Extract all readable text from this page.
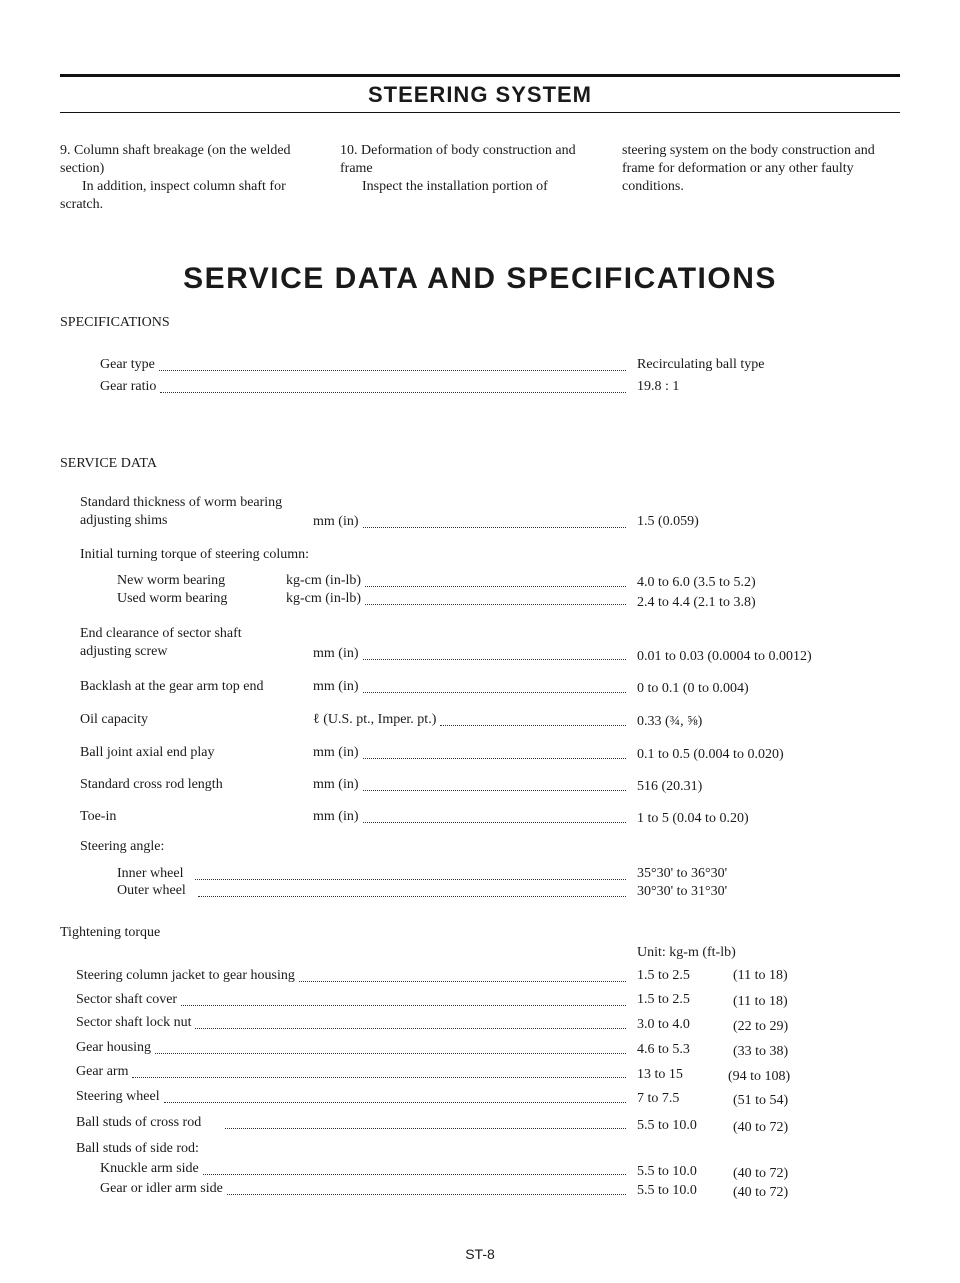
STEERING SYSTEM

9. Column shaft breakage (on the welded section)

In addition, inspect column shaft for scratch.

10. Deformation of body construction and frame

Inspect the installation portion of

steering system on the body construction and frame for deformation or any other faulty conditions.

SERVICE DATA AND SPECIFICATIONS
SPECIFICATIONS
Gear type	Recirculating ball type
Gear ratio	19.8 : 1
SERVICE DATA
Standard thickness of worm bearing
adjusting shims	mm (in)	1.5 (0.059)
Initial turning torque of steering column:
New worm bearing	kg-cm (in-lb)	4.0 to 6.0 (3.5 to 5.2)
Used worm bearing	kg-cm (in-lb)	2.4 to 4.4 (2.1 to 3.8)
End clearance of sector shaft
adjusting screw	mm (in)	0.01 to 0.03 (0.0004 to 0.0012)
Backlash at the gear arm top end	mm (in)	0 to 0.1 (0 to 0.004)
Oil capacity	ℓ (U.S. pt., Imper. pt.)	0.33 (¾, ⅝)
Ball joint axial end play	mm (in)	0.1 to 0.5 (0.004 to 0.020)
Standard cross rod length	mm (in)	516 (20.31)
Toe-in	mm (in)	1 to 5 (0.04 to 0.20)
Steering angle:
Inner wheel	35°30' to 36°30'
Outer wheel	30°30' to 31°30'
Tightening torque
Unit: kg-m (ft-lb)
Steering column jacket to gear housing	1.5 to 2.5	(11 to 18)
Sector shaft cover	1.5 to 2.5	(11 to 18)
Sector shaft lock nut	3.0 to 4.0	(22 to 29)
Gear housing	4.6 to 5.3	(33 to 38)
Gear arm	13 to 15	(94 to 108)
Steering wheel	7 to 7.5	(51 to 54)
Ball studs of cross rod	5.5 to 10.0	(40 to 72)
Ball studs of side rod:
Knuckle arm side	5.5 to 10.0	(40 to 72)
Gear or idler arm side	5.5 to 10.0	(40 to 72)
ST-8
